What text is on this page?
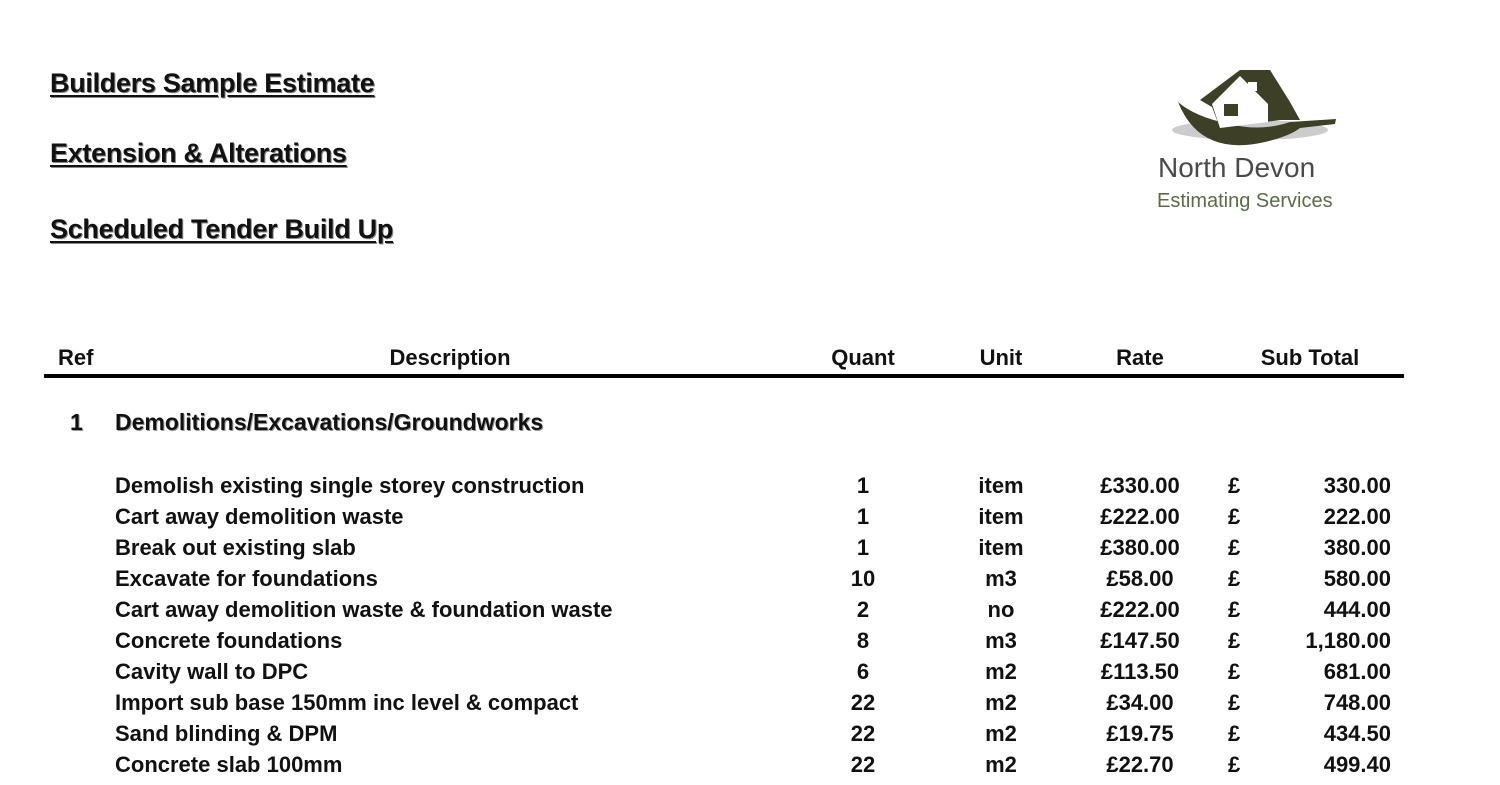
Builders Sample Estimate
Extension & Alterations
Scheduled Tender Build Up
North Devon
Estimating Services
Ref	Description	Quant	Unit	Rate	Sub Total
1 Demolitions/Excavations/Groundworks
Demolish existing single storey construction	1	item	£330.00	£	330.00
Cart away demolition waste	1	item	£222.00	£	222.00
Break out existing slab	1	item	£380.00	£	380.00
Excavate for foundations	10	m3	£58.00	£	580.00
Cart away demolition waste & foundation waste	2	no	£222.00	£	444.00
Concrete foundations	8	m3	£147.50	£	1,180.00
Cavity wall to DPC	6	m2	£113.50	£	681.00
Import sub base 150mm inc level & compact	22	m2	£34.00	£	748.00
Sand blinding & DPM	22	m2	£19.75	£	434.50
Concrete slab 100mm	22	m2	£22.70	£	499.40
